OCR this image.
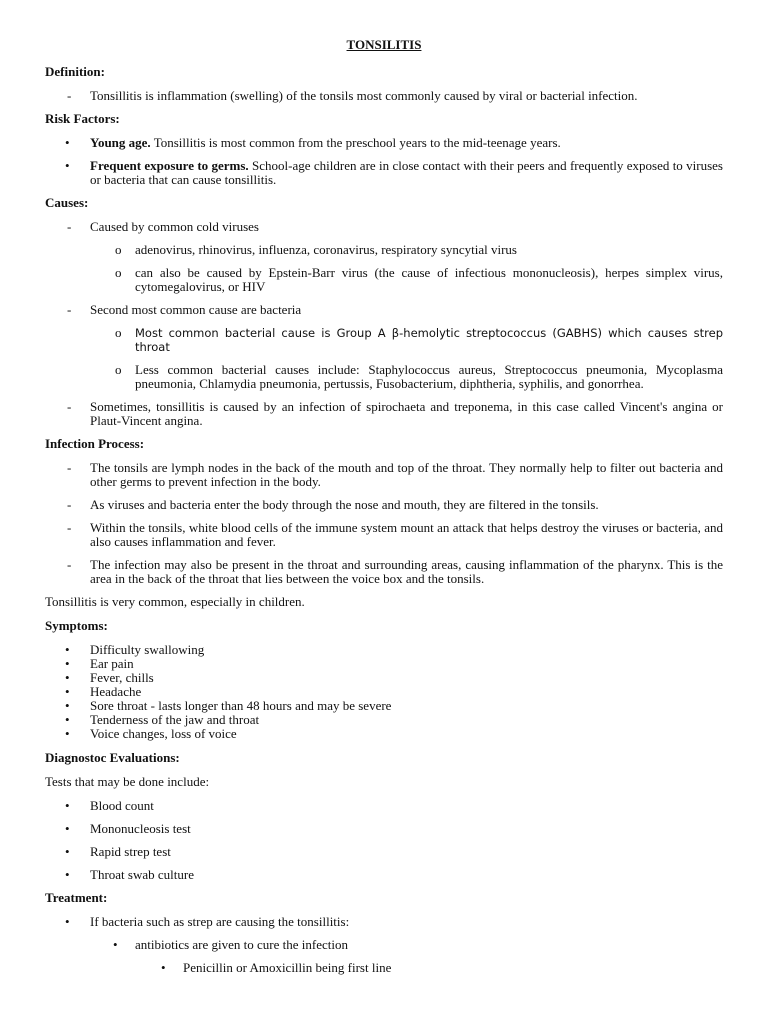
TONSILITIS
Definition:
- Tonsillitis is inflammation (swelling) of the tonsils most commonly caused by viral or bacterial infection.
Risk Factors:
• Young age. Tonsillitis is most common from the preschool years to the mid-teenage years.
• Frequent exposure to germs. School-age children are in close contact with their peers and frequently exposed to viruses or bacteria that can cause tonsillitis.
Causes:
- Caused by common cold viruses
o adenovirus, rhinovirus, influenza, coronavirus, respiratory syncytial virus
o can also be caused by Epstein-Barr virus (the cause of infectious mononucleosis), herpes simplex virus, cytomegalovirus, or HIV
- Second most common cause are bacteria
o Most common bacterial cause is Group A β-hemolytic streptococcus (GABHS) which causes strep throat
o Less common bacterial causes include: Staphylococcus aureus, Streptococcus pneumonia, Mycoplasma pneumonia, Chlamydia pneumonia, pertussis, Fusobacterium, diphtheria, syphilis, and gonorrhea.
- Sometimes, tonsillitis is caused by an infection of spirochaeta and treponema, in this case called Vincent's angina or Plaut-Vincent angina.
Infection Process:
- The tonsils are lymph nodes in the back of the mouth and top of the throat. They normally help to filter out bacteria and other germs to prevent infection in the body.
- As viruses and bacteria enter the body through the nose and mouth, they are filtered in the tonsils.
- Within the tonsils, white blood cells of the immune system mount an attack that helps destroy the viruses or bacteria, and also causes inflammation and fever.
- The infection may also be present in the throat and surrounding areas, causing inflammation of the pharynx. This is the area in the back of the throat that lies between the voice box and the tonsils.
Tonsillitis is very common, especially in children.
Symptoms:
• Difficulty swallowing
• Ear pain
• Fever, chills
• Headache
• Sore throat - lasts longer than 48 hours and may be severe
• Tenderness of the jaw and throat
• Voice changes, loss of voice
Diagnostoc Evaluations:
Tests that may be done include:
• Blood count
• Mononucleosis test
• Rapid strep test
• Throat swab culture
Treatment:
• If bacteria such as strep are causing the tonsillitis:
• antibiotics are given to cure the infection
• Penicillin or Amoxicillin being first line
